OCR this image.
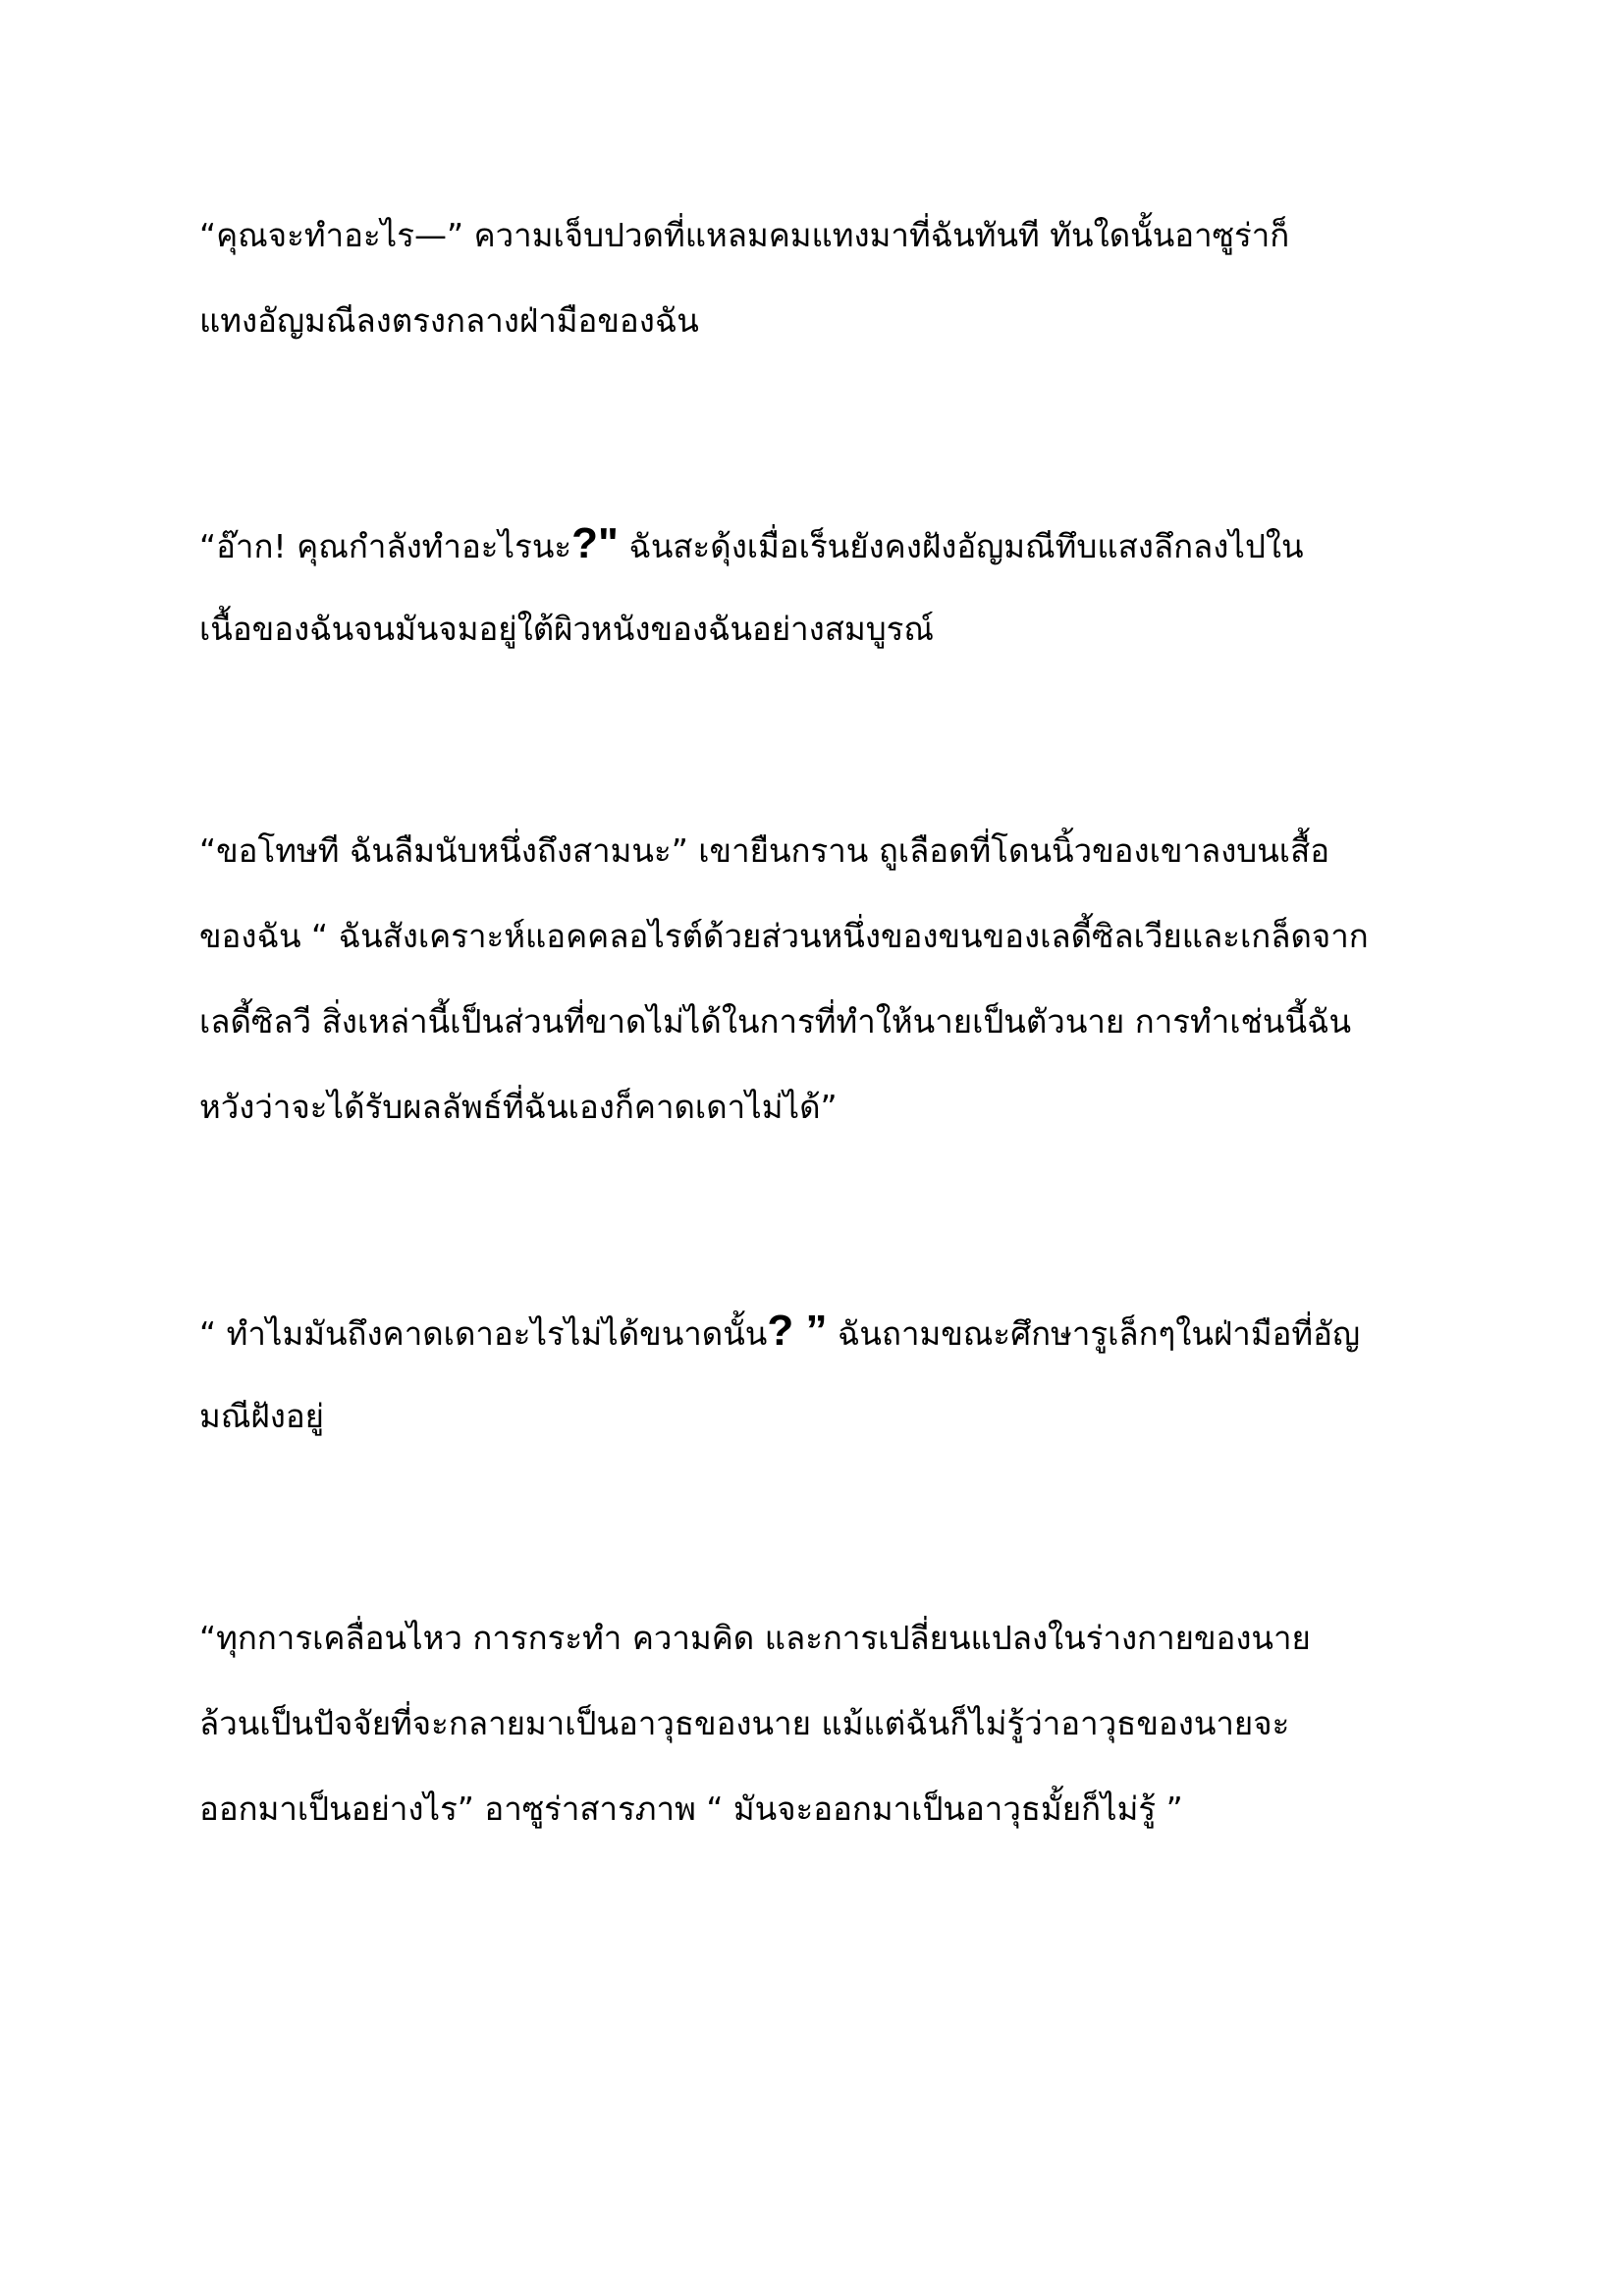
“คุณจะทำอะไร—” ความเจ็บปวดที่แหลมคมแทงมาที่ฉันทันที ทันใดนั้นอาซูร่าก็
แทงอัญมณีลงตรงกลางฝ่ามือของฉัน
“อ๊าก! คุณกำลังทำอะไรนะ?" ฉันสะดุ้งเมื่อเร็นยังคงฝังอัญมณีทึบแสงลึกลงไปใน
เนื้อของฉันจนมันจมอยู่ใต้ผิวหนังของฉันอย่างสมบูรณ์
“ขอโทษที ฉันลืมนับหนึ่งถึงสามนะ” เขายืนกราน ถูเลือดที่โดนนิ้วของเขาลงบนเสื้อ
ของฉัน “ ฉันสังเคราะห์แอคคลอไรต์ด้วยส่วนหนึ่งของขนของเลดี้ซิลเวียและเกล็ดจาก
เลดี้ซิลวี สิ่งเหล่านี้เป็นส่วนที่ขาดไม่ได้ในการที่ทำให้นายเป็นตัวนาย การทำเช่นนี้ฉัน
หวังว่าจะได้รับผลลัพธ์ที่ฉันเองก็คาดเดาไม่ได้”
“ ทำไมมันถึงคาดเดาอะไรไม่ได้ขนาดนั้น? ” ฉันถามขณะศึกษารูเล็กๆในฝ่ามือที่อัญ
มณีฝังอยู่
“ทุกการเคลื่อนไหว การกระทำ ความคิด และการเปลี่ยนแปลงในร่างกายของนาย
ล้วนเป็นปัจจัยที่จะกลายมาเป็นอาวุธของนาย แม้แต่ฉันก็ไม่รู้ว่าอาวุธของนายจะ
ออกมาเป็นอย่างไร” อาซูร่าสารภาพ “ มันจะออกมาเป็นอาวุธมั้ยก็ไม่รู้ ”
